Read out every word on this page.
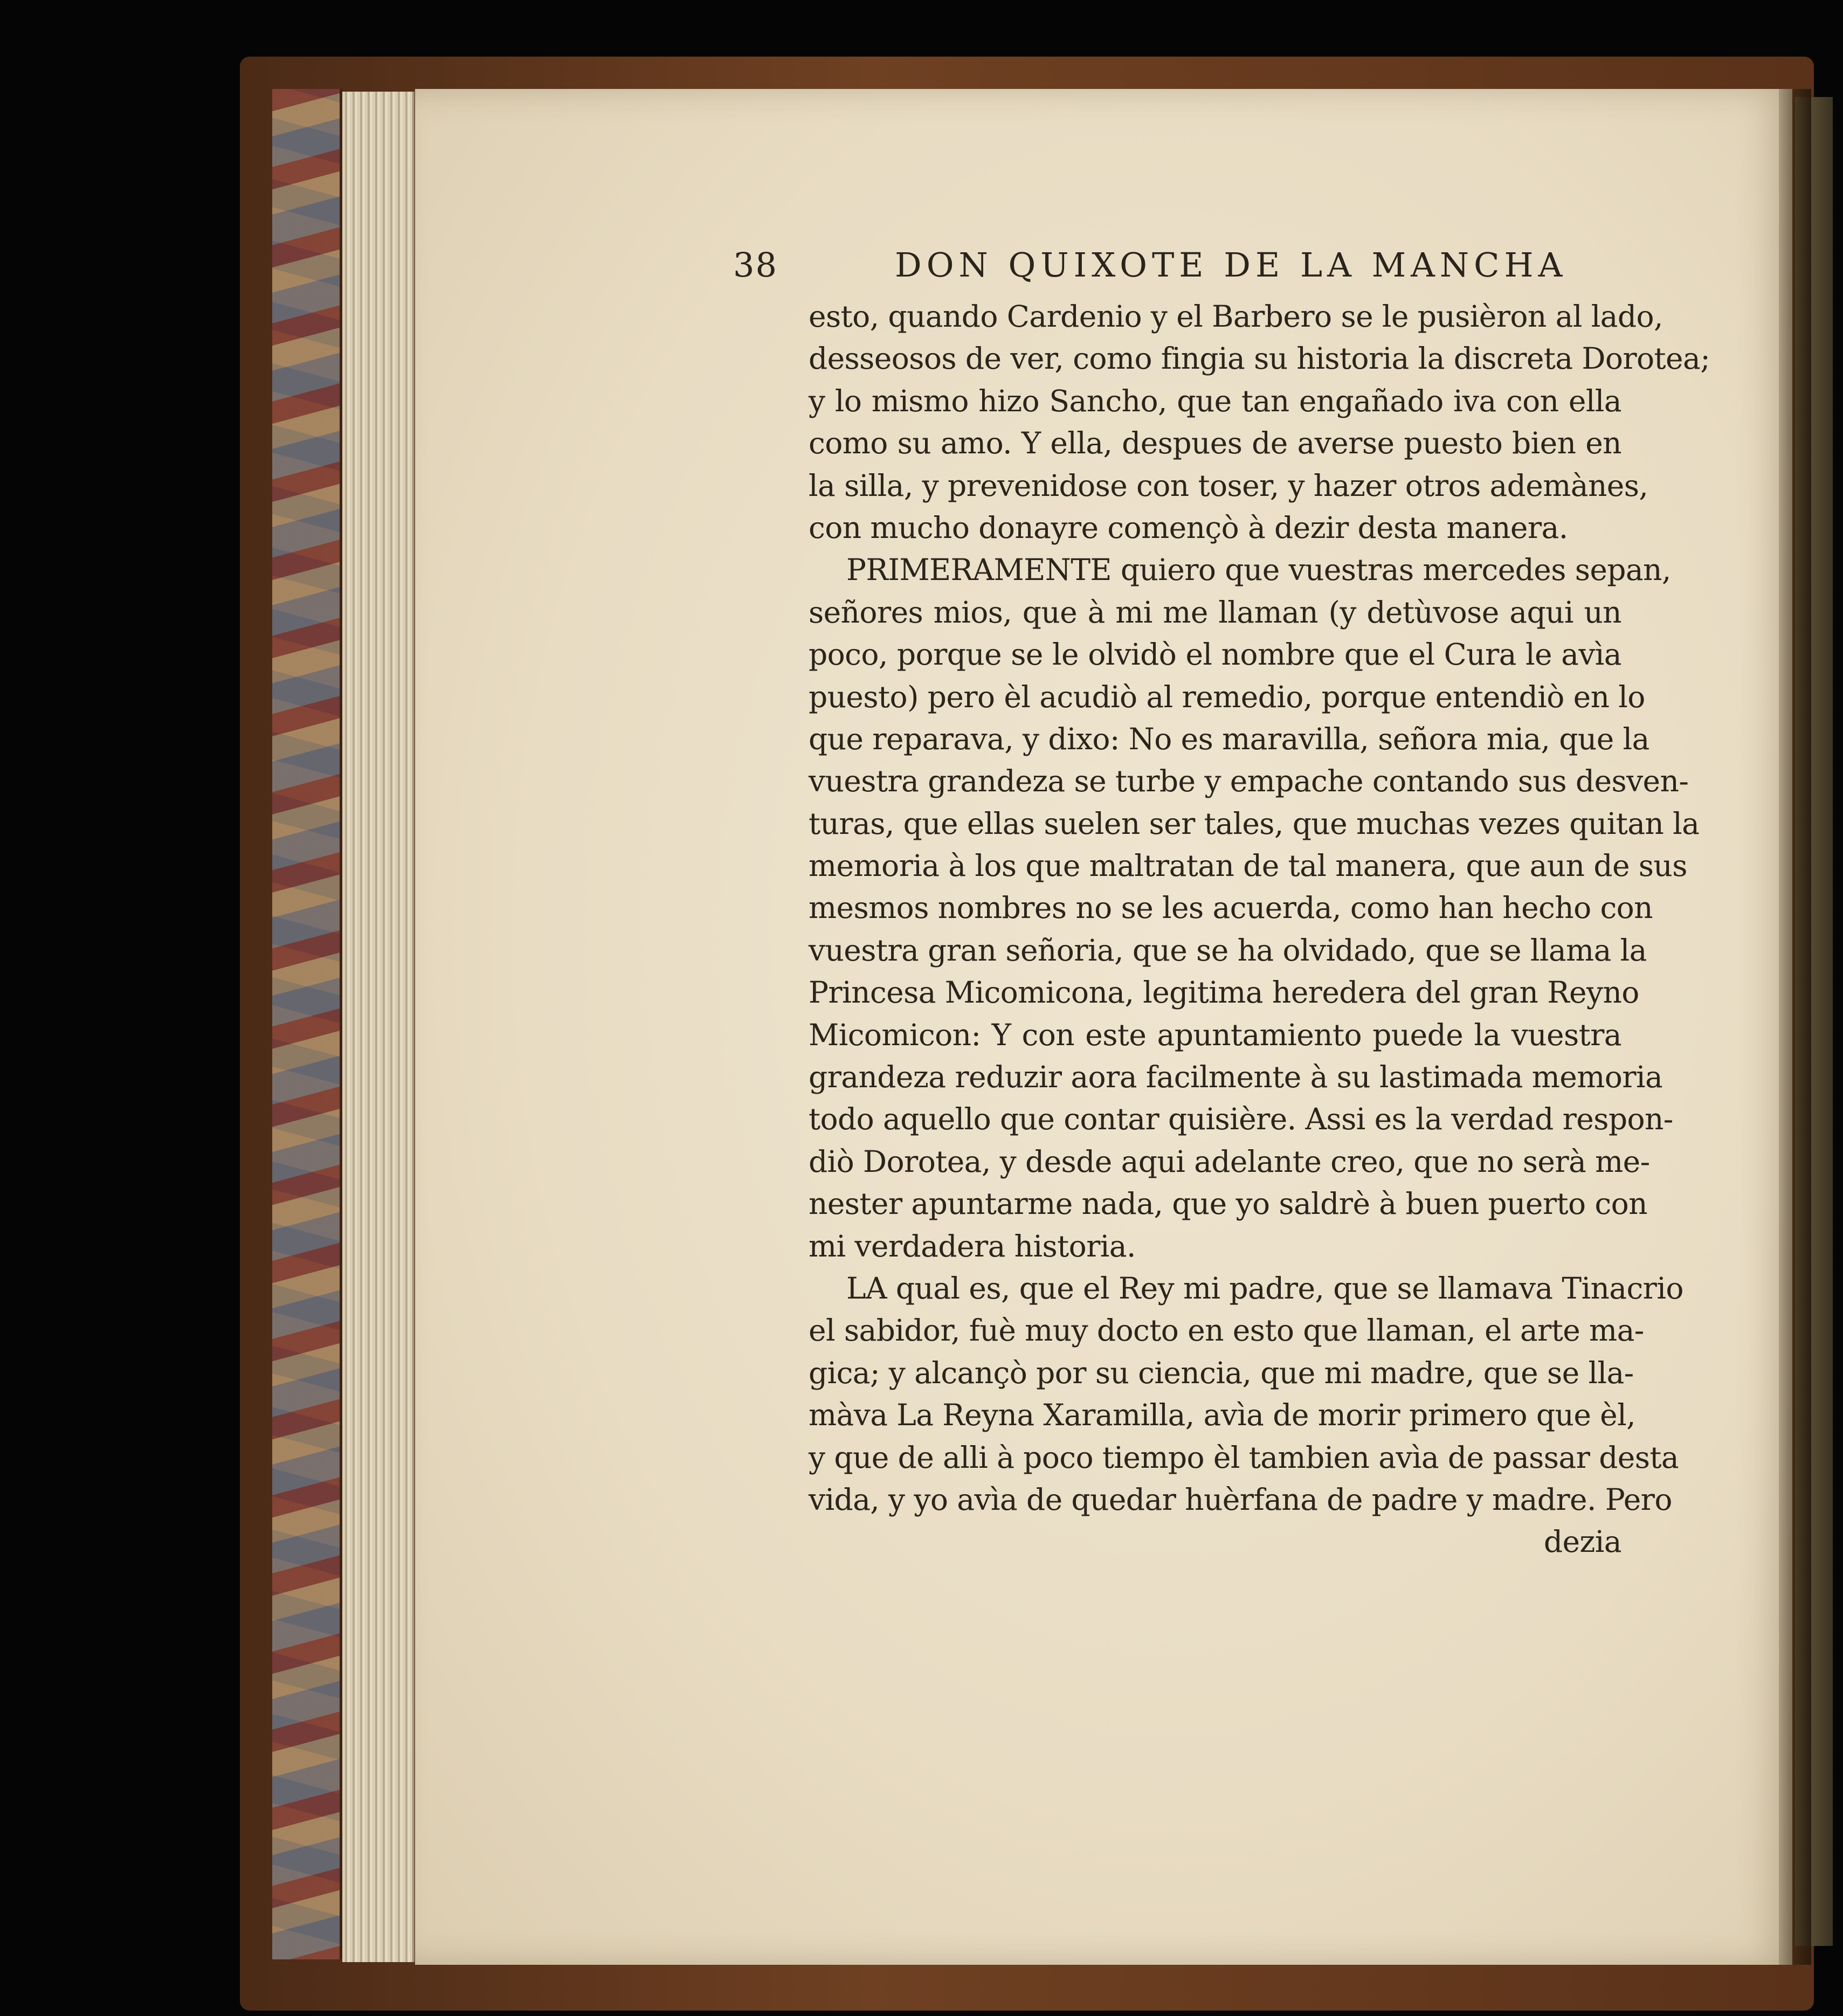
38	DON QUIXOTE DE LA MANCHA
esto, quando Cardenio y el Barbero se le pusièron al lado,
desseosos de ver, como fingia su historia la discreta Dorotea;
y lo mismo hizo Sancho, que tan engañado iva con ella
como su amo. Y ella, despues de averse puesto bien en
la silla, y prevenidose con toser, y hazer otros ademànes,
con mucho donayre començò à dezir desta manera.
PRIMERAMENTE quiero que vuestras mercedes sepan,
señores mios, que à mi me llaman (y detùvose aqui un
poco, porque se le olvidò el nombre que el Cura le avìa
puesto) pero èl acudiò al remedio, porque entendiò en lo
que reparava, y dixo: No es maravilla, señora mia, que la
vuestra grandeza se turbe y empache contando sus desven-
turas, que ellas suelen ser tales, que muchas vezes quitan la
memoria à los que maltratan de tal manera, que aun de sus
mesmos nombres no se les acuerda, como han hecho con
vuestra gran señoria, que se ha olvidado, que se llama la
Princesa Micomicona, legitima heredera del gran Reyno
Micomicon: Y con este apuntamiento puede la vuestra
grandeza reduzir aora facilmente à su lastimada memoria
todo aquello que contar quisière. Assi es la verdad respon-
diò Dorotea, y desde aqui adelante creo, que no serà me-
nester apuntarme nada, que yo saldrè à buen puerto con
mi verdadera historia.
LA qual es, que el Rey mi padre, que se llamava Tinacrio
el sabidor, fuè muy docto en esto que llaman, el arte ma-
gica; y alcançò por su ciencia, que mi madre, que se lla-
màva La Reyna Xaramilla, avìa de morir primero que èl,
y que de alli à poco tiempo èl tambien avìa de passar desta
vida, y yo avìa de quedar huèrfana de padre y madre. Pero
dezia
